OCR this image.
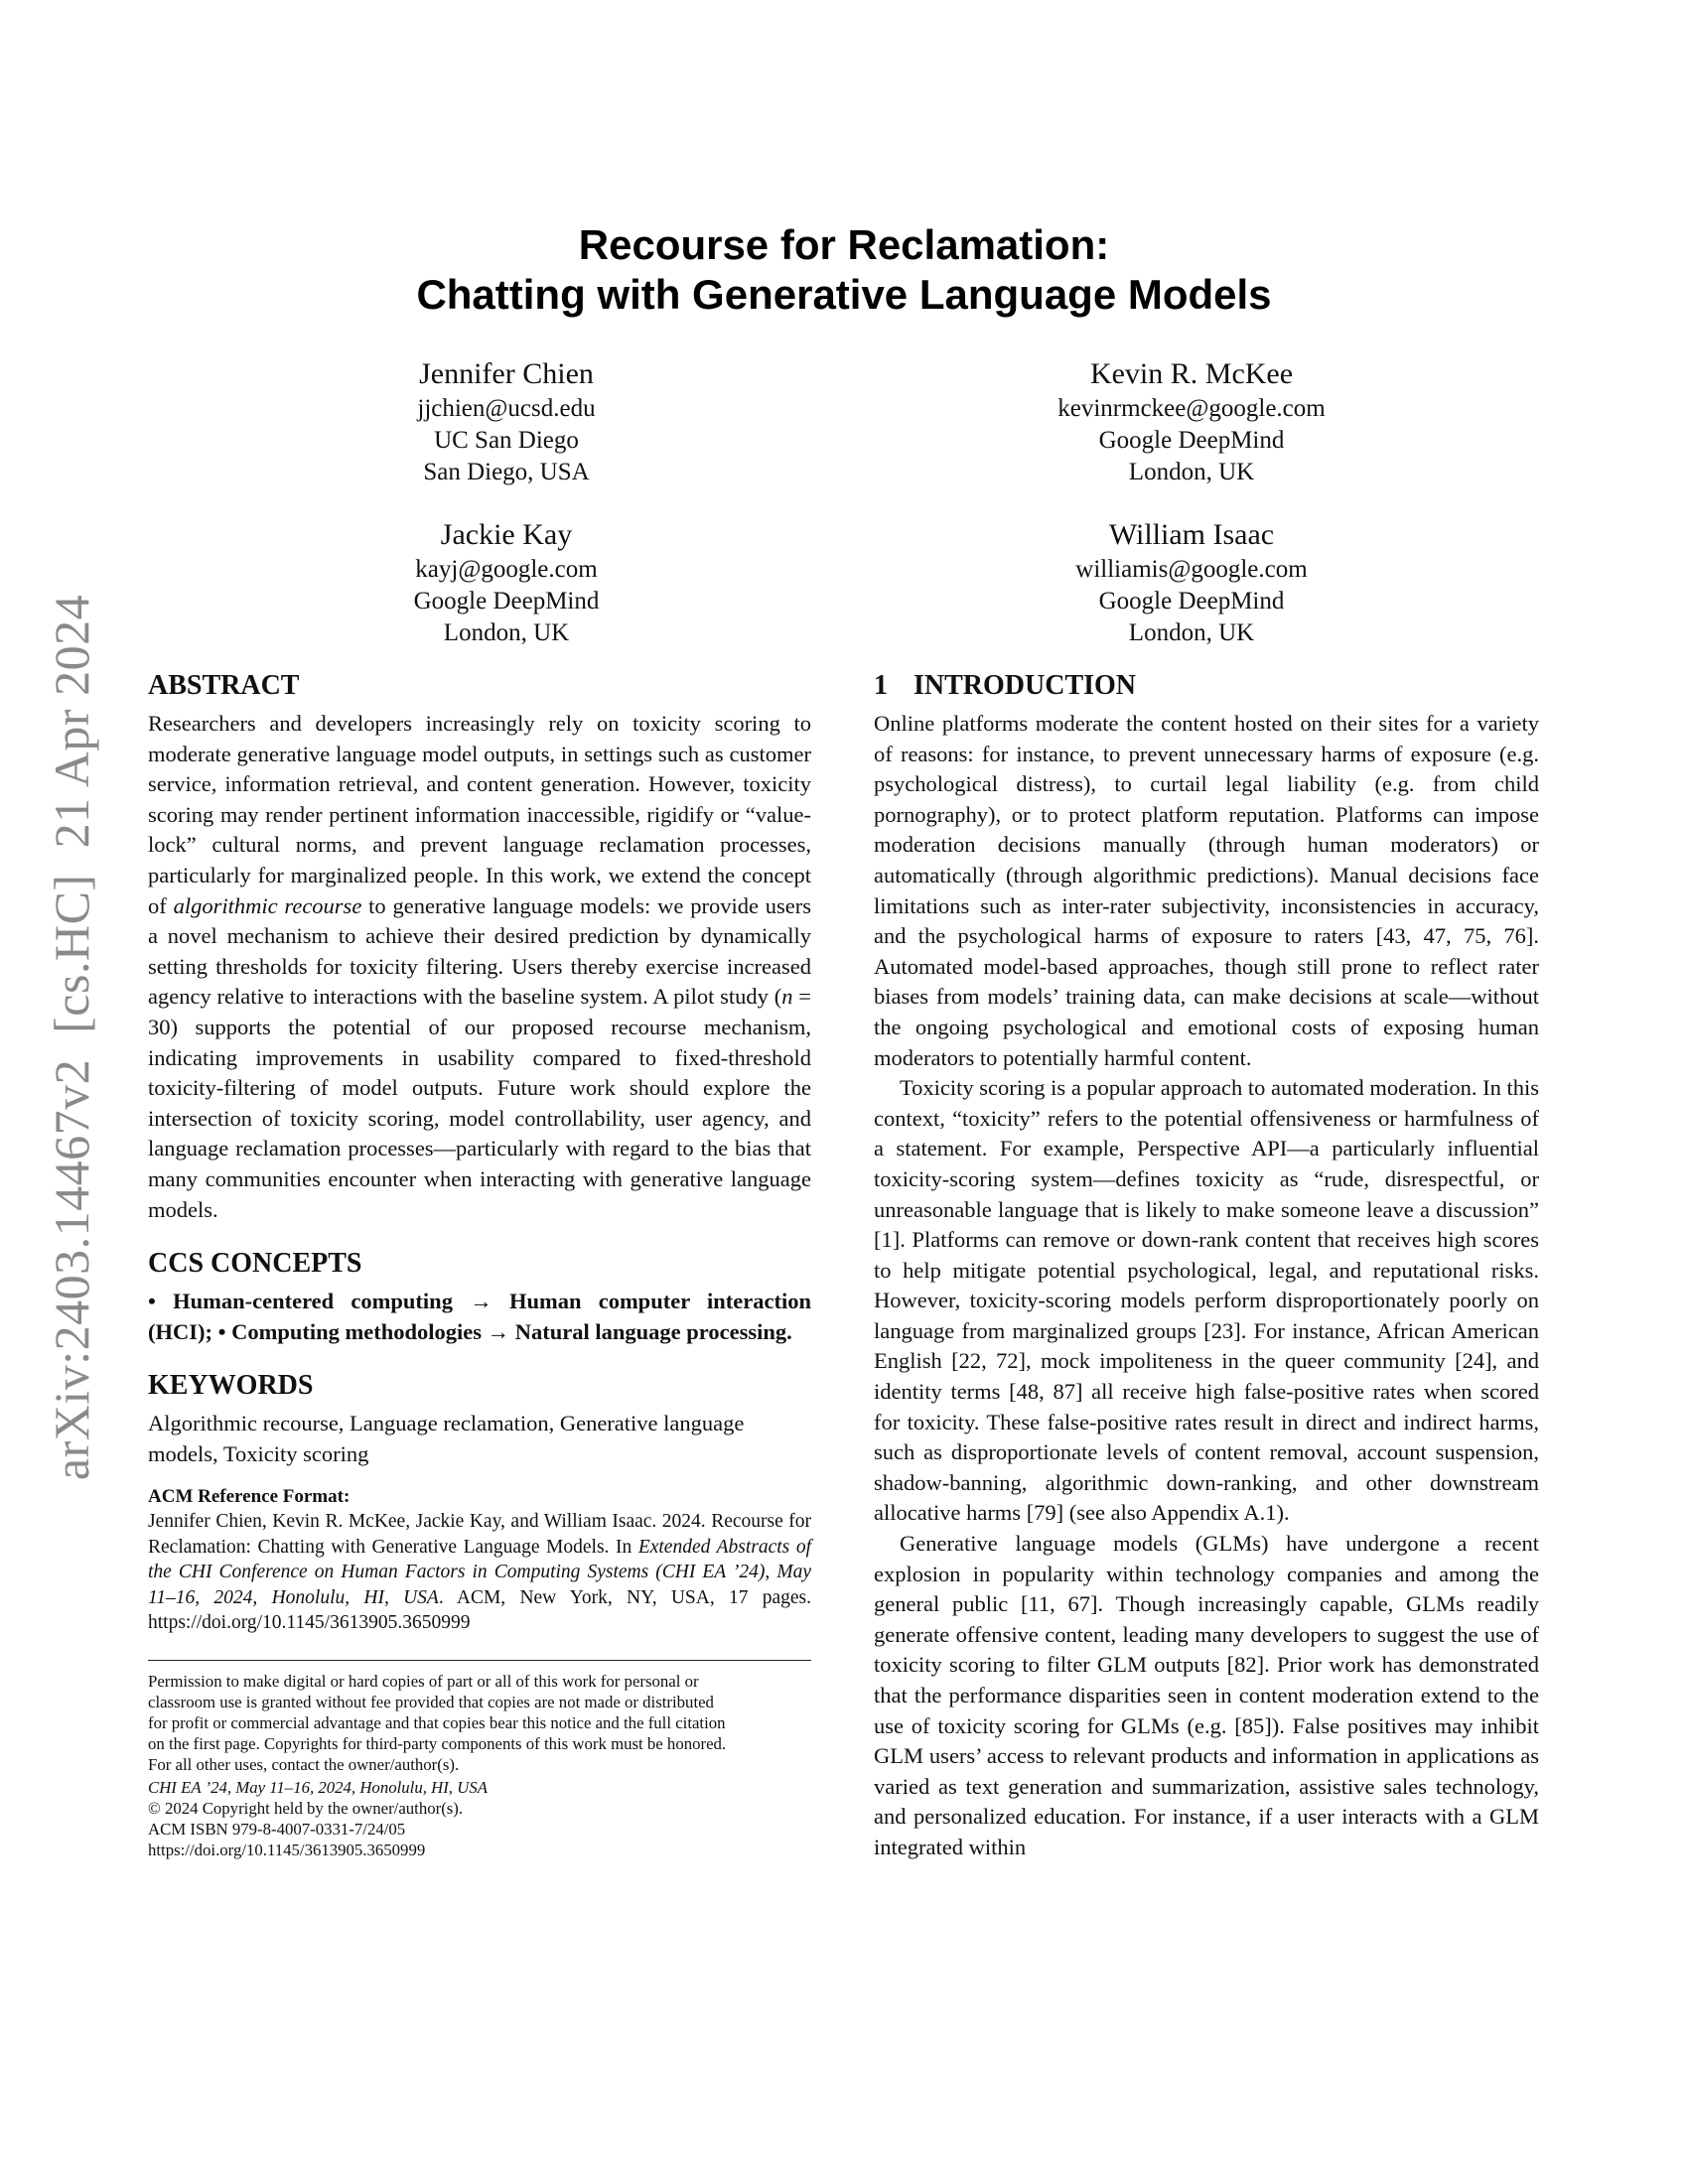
arXiv:2403.14467v2  [cs.HC]  21 Apr 2024
Recourse for Reclamation:
Chatting with Generative Language Models
Jennifer Chien
jjchien@ucsd.edu
UC San Diego
San Diego, USA
Kevin R. McKee
kevinrmckee@google.com
Google DeepMind
London, UK
Jackie Kay
kayj@google.com
Google DeepMind
London, UK
William Isaac
williamis@google.com
Google DeepMind
London, UK
ABSTRACT

Researchers and developers increasingly rely on toxicity scoring to moderate generative language model outputs, in settings such as customer service, information retrieval, and content generation. However, toxicity scoring may render pertinent information inaccessible, rigidify or “value-lock” cultural norms, and prevent language reclamation processes, particularly for marginalized people. In this work, we extend the concept of algorithmic recourse to generative language models: we provide users a novel mechanism to achieve their desired prediction by dynamically setting thresholds for toxicity filtering. Users thereby exercise increased agency relative to interactions with the baseline system. A pilot study (n = 30) supports the potential of our proposed recourse mechanism, indicating improvements in usability compared to fixed-threshold toxicity-filtering of model outputs. Future work should explore the intersection of toxicity scoring, model controllability, user agency, and language reclamation processes—particularly with regard to the bias that many communities encounter when interacting with generative language models.

CCS CONCEPTS

• Human-centered computing → Human computer interaction (HCI); • Computing methodologies → Natural language processing.

KEYWORDS

Algorithmic recourse, Language reclamation, Generative language models, Toxicity scoring

ACM Reference Format:

Jennifer Chien, Kevin R. McKee, Jackie Kay, and William Isaac. 2024. Recourse for Reclamation: Chatting with Generative Language Models. In Extended Abstracts of the CHI Conference on Human Factors in Computing Systems (CHI EA ’24), May 11–16, 2024, Honolulu, HI, USA. ACM, New York, NY, USA, 17 pages. https://doi.org/10.1145/3613905.3650999

Permission to make digital or hard copies of part or all of this work for personal or
classroom use is granted without fee provided that copies are not made or distributed
for profit or commercial advantage and that copies bear this notice and the full citation
on the first page. Copyrights for third-party components of this work must be honored.
For all other uses, contact the owner/author(s).
CHI EA ’24, May 11–16, 2024, Honolulu, HI, USA
© 2024 Copyright held by the owner/author(s).
ACM ISBN 979-8-4007-0331-7/24/05
https://doi.org/10.1145/3613905.3650999
1 INTRODUCTION

Online platforms moderate the content hosted on their sites for a variety of reasons: for instance, to prevent unnecessary harms of exposure (e.g. psychological distress), to curtail legal liability (e.g. from child pornography), or to protect platform reputation. Platforms can impose moderation decisions manually (through human moderators) or automatically (through algorithmic predictions). Manual decisions face limitations such as inter-rater subjectivity, inconsistencies in accuracy, and the psychological harms of exposure to raters [43, 47, 75, 76]. Automated model-based approaches, though still prone to reflect rater biases from models’ training data, can make decisions at scale—without the ongoing psychological and emotional costs of exposing human moderators to potentially harmful content.

Toxicity scoring is a popular approach to automated moderation. In this context, “toxicity” refers to the potential offensiveness or harmfulness of a statement. For example, Perspective API—a particularly influential toxicity-scoring system—defines toxicity as “rude, disrespectful, or unreasonable language that is likely to make someone leave a discussion” [1]. Platforms can remove or down-rank content that receives high scores to help mitigate potential psychological, legal, and reputational risks. However, toxicity-scoring models perform disproportionately poorly on language from marginalized groups [23]. For instance, African American English [22, 72], mock impoliteness in the queer community [24], and identity terms [48, 87] all receive high false-positive rates when scored for toxicity. These false-positive rates result in direct and indirect harms, such as disproportionate levels of content removal, account suspension, shadow-banning, algorithmic down-ranking, and other downstream allocative harms [79] (see also Appendix A.1).

Generative language models (GLMs) have undergone a recent explosion in popularity within technology companies and among the general public [11, 67]. Though increasingly capable, GLMs readily generate offensive content, leading many developers to suggest the use of toxicity scoring to filter GLM outputs [82]. Prior work has demonstrated that the performance disparities seen in content moderation extend to the use of toxicity scoring for GLMs (e.g. [85]). False positives may inhibit GLM users’ access to relevant products and information in applications as varied as text generation and summarization, assistive sales technology, and personalized education. For instance, if a user interacts with a GLM integrated within
